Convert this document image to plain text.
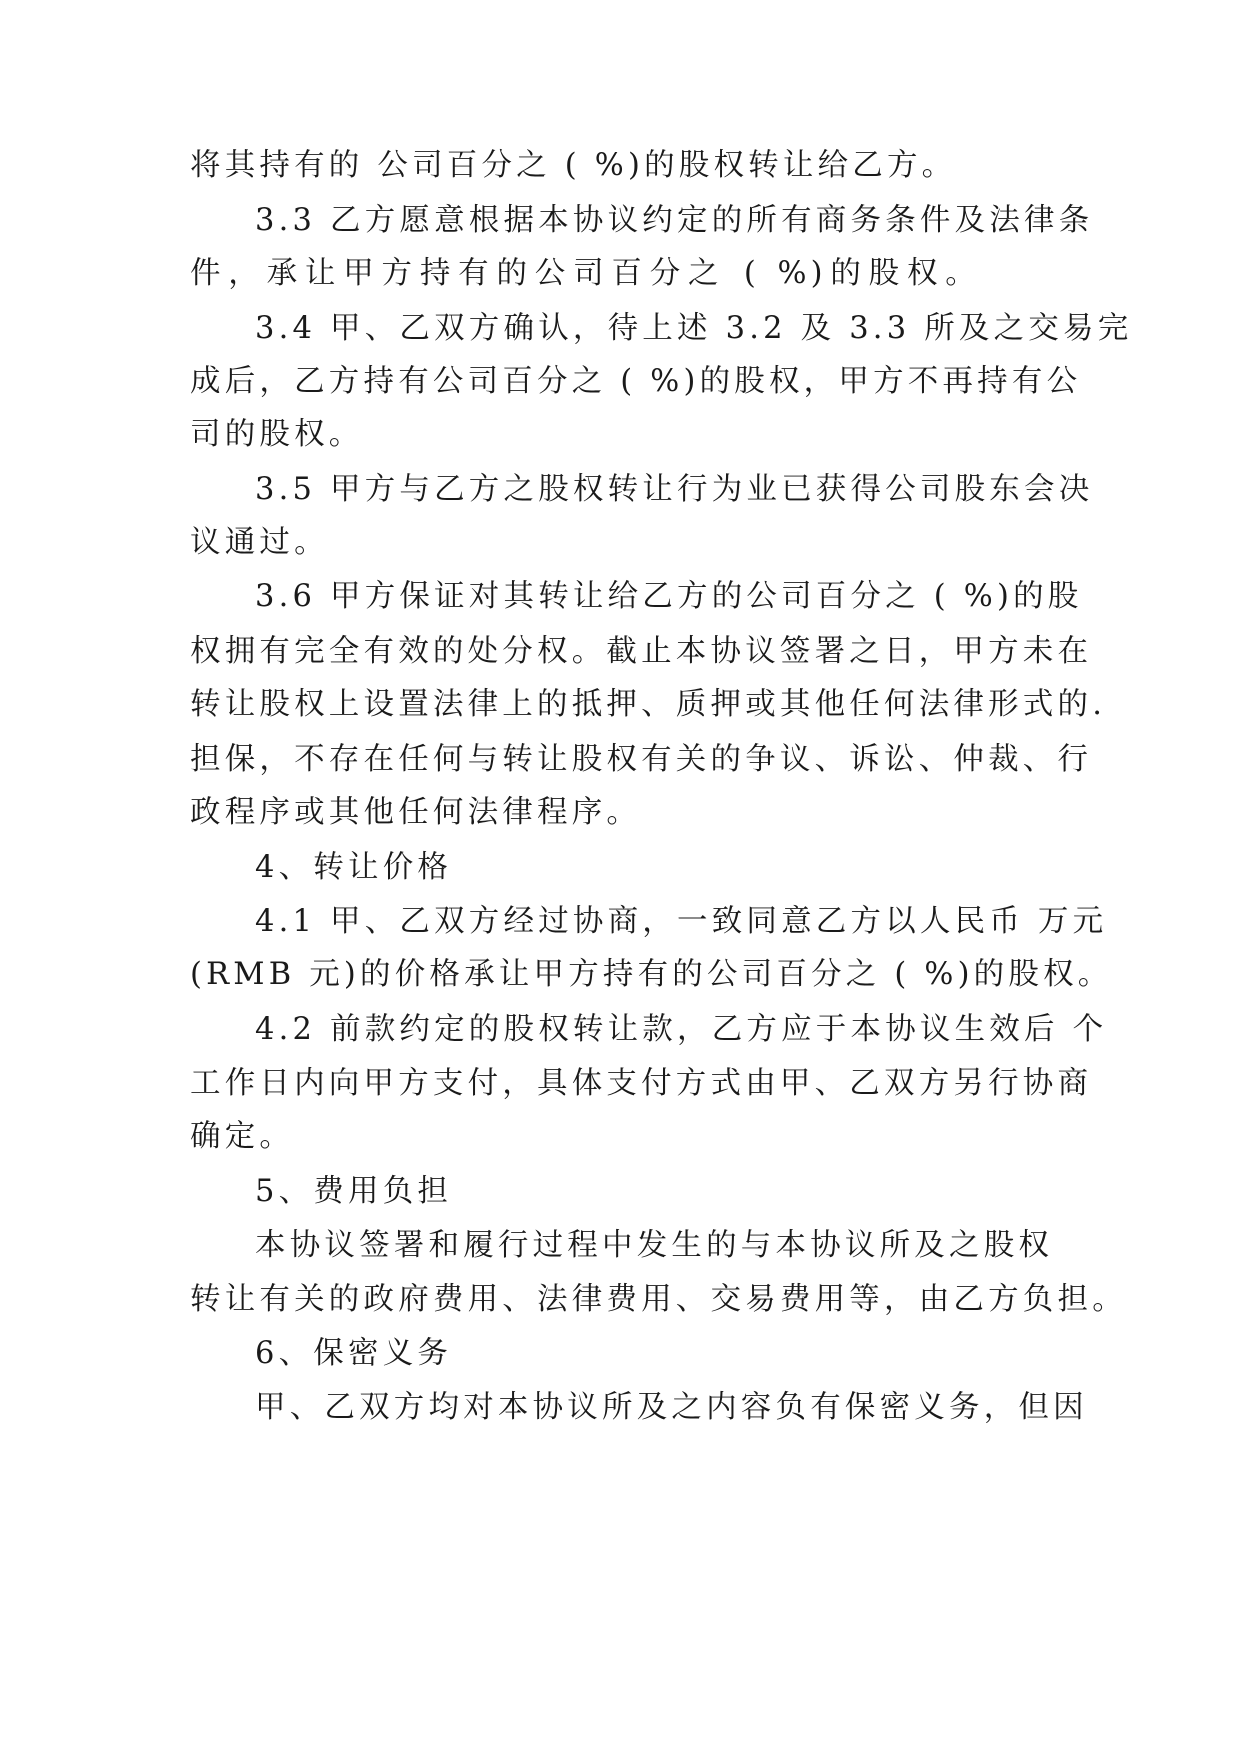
将其持有的 公司百分之 ( %)的股权转让给乙方。
3.3 乙方愿意根据本协议约定的所有商务条件及法律条
件，承让甲方持有的公司百分之 ( %)的股权。
3.4 甲、乙双方确认，待上述 3.2 及 3.3 所及之交易完
成后，乙方持有公司百分之 ( %)的股权，甲方不再持有公
司的股权。
3.5 甲方与乙方之股权转让行为业已获得公司股东会决
议通过。
3.6 甲方保证对其转让给乙方的公司百分之 ( %)的股
权拥有完全有效的处分权。截止本协议签署之日，甲方未在
转让股权上设置法律上的抵押、质押或其他任何法律形式的.
担保，不存在任何与转让股权有关的争议、诉讼、仲裁、行
政程序或其他任何法律程序。
4、转让价格
4.1 甲、乙双方经过协商，一致同意乙方以人民币 万元
(RMB 元)的价格承让甲方持有的公司百分之 ( %)的股权。
4.2 前款约定的股权转让款，乙方应于本协议生效后 个
工作日内向甲方支付，具体支付方式由甲、乙双方另行协商
确定。
5、费用负担
本协议签署和履行过程中发生的与本协议所及之股权
转让有关的政府费用、法律费用、交易费用等，由乙方负担。
6、保密义务
甲、乙双方均对本协议所及之内容负有保密义务，但因
